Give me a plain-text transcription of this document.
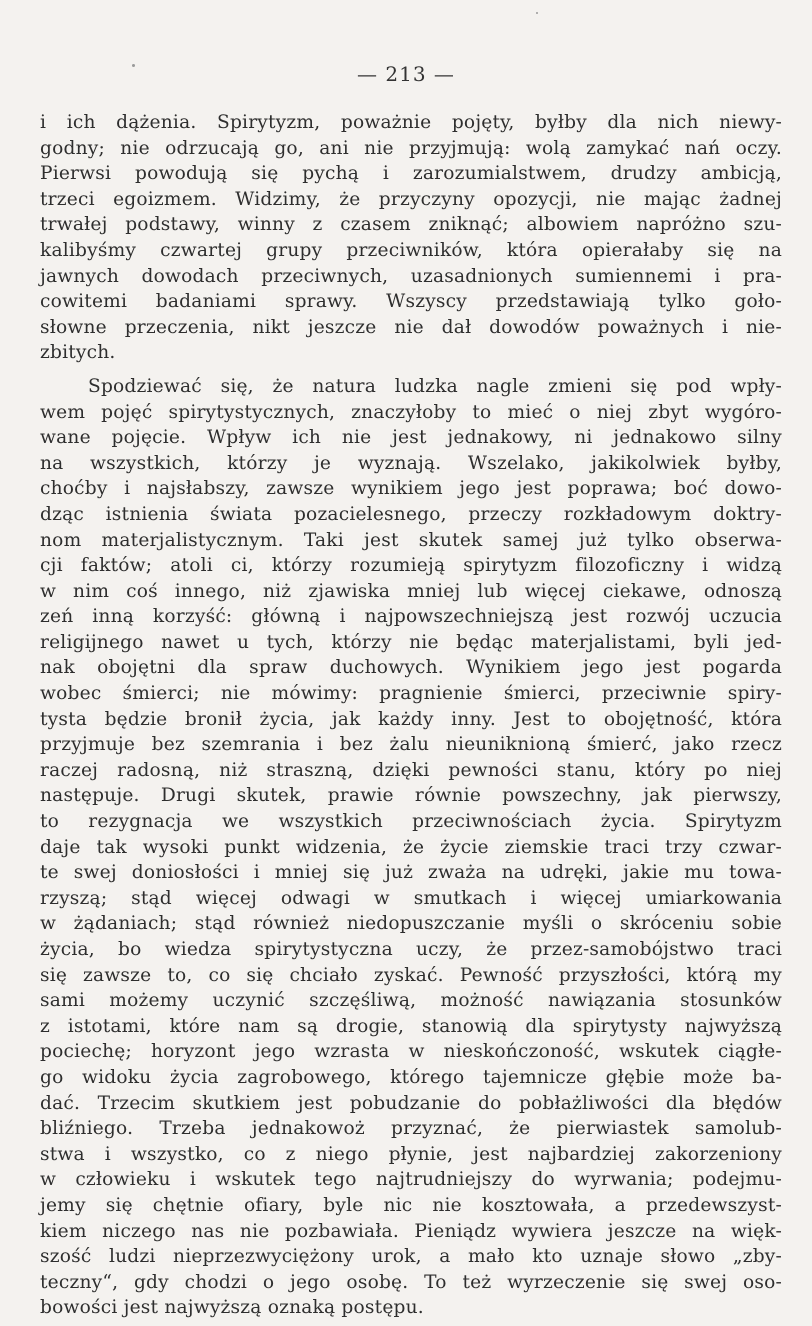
— 213 —
i ich dążenia. Spirytyzm, poważnie pojęty, byłby dla nich niewy-
godny; nie odrzucają go, ani nie przyjmują: wolą zamykać nań oczy.
Pierwsi powodują się pychą i zarozumialstwem, drudzy ambicją,
trzeci egoizmem. Widzimy, że przyczyny opozycji, nie mając żadnej
trwałej podstawy, winny z czasem zniknąć; albowiem napróżno szu-
kalibyśmy czwartej grupy przeciwników, która opierałaby się na
jawnych dowodach przeciwnych, uzasadnionych sumiennemi i pra-
cowitemi badaniami sprawy. Wszyscy przedstawiają tylko goło-
słowne przeczenia, nikt jeszcze nie dał dowodów poważnych i nie-
zbitych.
Spodziewać się, że natura ludzka nagle zmieni się pod wpły-
wem pojęć spirytystycznych, znaczyłoby to mieć o niej zbyt wygóro-
wane pojęcie. Wpływ ich nie jest jednakowy, ni jednakowo silny
na wszystkich, którzy je wyznają. Wszelako, jakikolwiek byłby,
choćby i najsłabszy, zawsze wynikiem jego jest poprawa; boć dowo-
dząc istnienia świata pozacielesnego, przeczy rozkładowym doktry-
nom materjalistycznym. Taki jest skutek samej już tylko obserwa-
cji faktów; atoli ci, którzy rozumieją spirytyzm filozoficzny i widzą
w nim coś innego, niż zjawiska mniej lub więcej ciekawe, odnoszą
zeń inną korzyść: główną i najpowszechniejszą jest rozwój uczucia
religijnego nawet u tych, którzy nie będąc materjalistami, byli jed-
nak obojętni dla spraw duchowych. Wynikiem jego jest pogarda
wobec śmierci; nie mówimy: pragnienie śmierci, przeciwnie spiry-
tysta będzie bronił życia, jak każdy inny. Jest to obojętność, która
przyjmuje bez szemrania i bez żalu nieuniknioną śmierć, jako rzecz
raczej radosną, niż straszną, dzięki pewności stanu, który po niej
następuje. Drugi skutek, prawie równie powszechny, jak pierwszy,
to rezygnacja we wszystkich przeciwnościach życia. Spirytyzm
daje tak wysoki punkt widzenia, że życie ziemskie traci trzy czwar-
te swej doniosłości i mniej się już zważa na udręki, jakie mu towa-
rzyszą; stąd więcej odwagi w smutkach i więcej umiarkowania
w żądaniach; stąd również niedopuszczanie myśli o skróceniu sobie
życia, bo wiedza spirytystyczna uczy, że przez-samobójstwo traci
się zawsze to, co się chciało zyskać. Pewność przyszłości, którą my
sami możemy uczynić szczęśliwą, możność nawiązania stosunków
z istotami, które nam są drogie, stanowią dla spirytysty najwyższą
pociechę; horyzont jego wzrasta w nieskończoność, wskutek ciągłe-
go widoku życia zagrobowego, którego tajemnicze głębie może ba-
dać. Trzecim skutkiem jest pobudzanie do pobłażliwości dla błędów
bliźniego. Trzeba jednakowoż przyznać, że pierwiastek samolub-
stwa i wszystko, co z niego płynie, jest najbardziej zakorzeniony
w człowieku i wskutek tego najtrudniejszy do wyrwania; podejmu-
jemy się chętnie ofiary, byle nic nie kosztowała, a przedewszyst-
kiem niczego nas nie pozbawiała. Pieniądz wywiera jeszcze na więk-
szość ludzi nieprzezwyciężony urok, a mało kto uznaje słowo „zby-
teczny“, gdy chodzi o jego osobę. To też wyrzeczenie się swej oso-
bowości jest najwyższą oznaką postępu.
